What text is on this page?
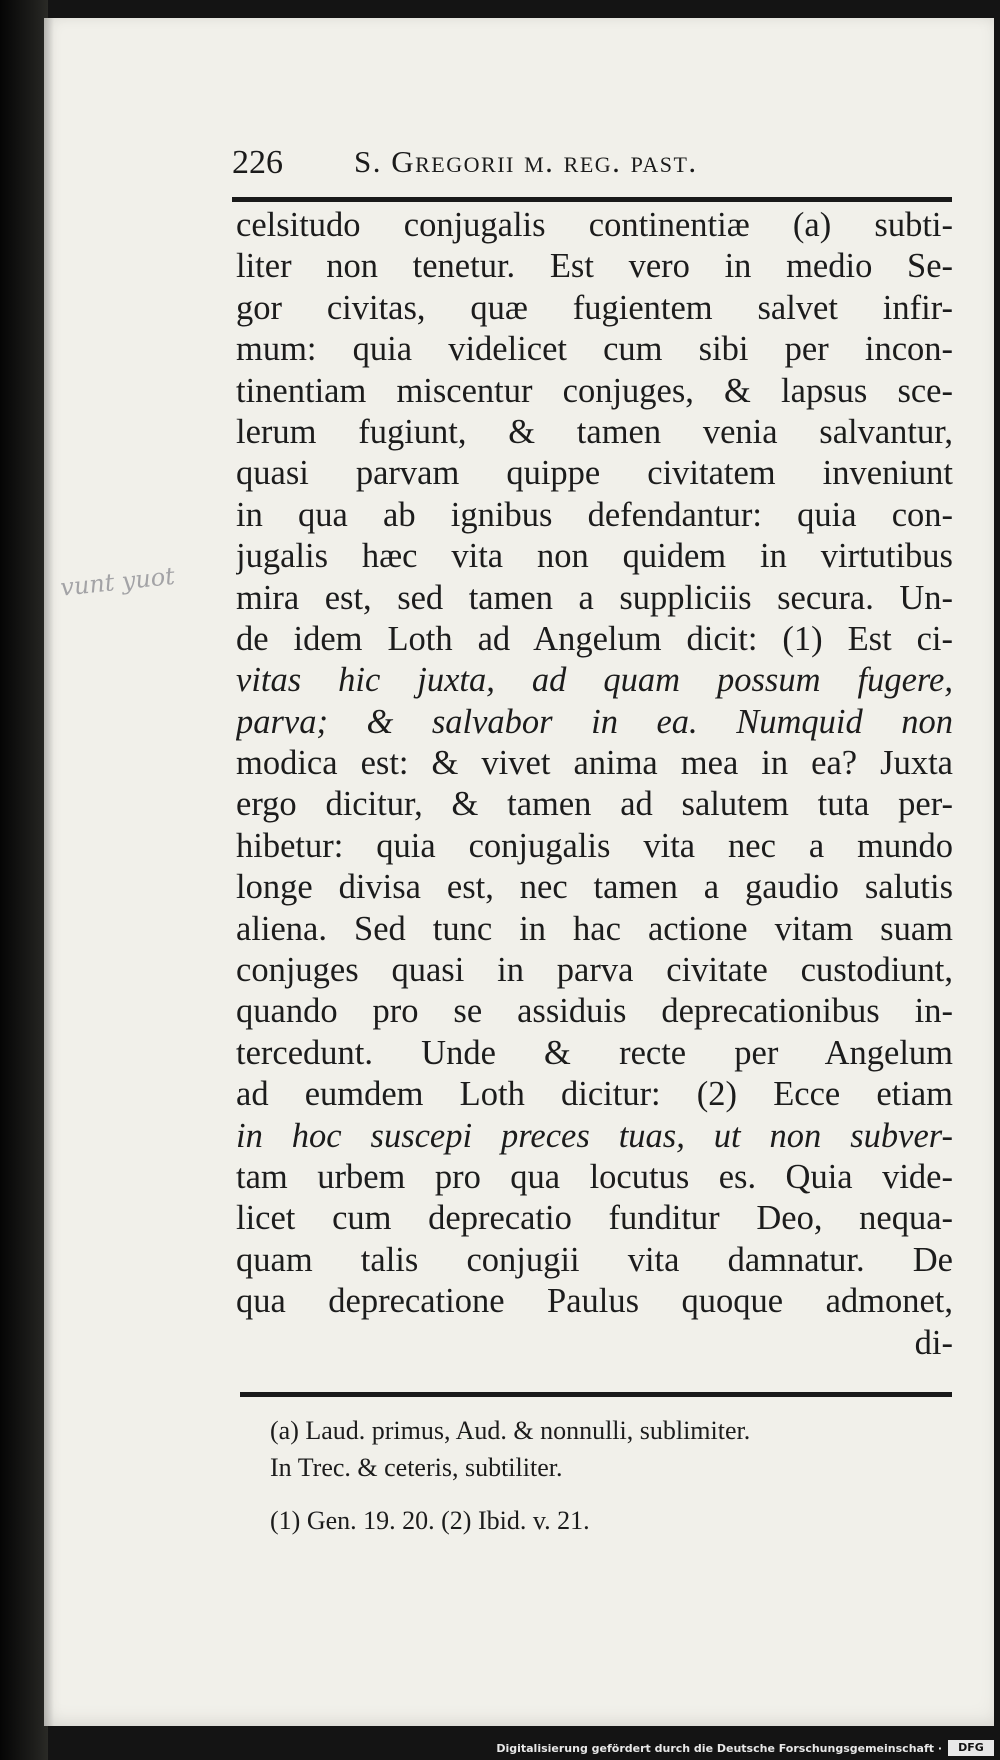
226 S. Gregorii m. reg. past.
vunt yuot
celsitudo conjugalis continentiæ (a) subti-
liter non tenetur. Est vero in medio Se-
gor civitas, quæ fugientem salvet infir-
mum: quia videlicet cum sibi per incon-
tinentiam miscentur conjuges, & lapsus sce-
lerum fugiunt, & tamen venia salvantur,
quasi parvam quippe civitatem inveniunt
in qua ab ignibus defendantur: quia con-
jugalis hæc vita non quidem in virtutibus
mira est, sed tamen a suppliciis secura. Un-
de idem Loth ad Angelum dicit: (1) Est ci-
vitas hic juxta, ad quam possum fugere,
parva; & salvabor in ea. Numquid non
modica est: & vivet anima mea in ea? Juxta
ergo dicitur, & tamen ad salutem tuta per-
hibetur: quia conjugalis vita nec a mundo
longe divisa est, nec tamen a gaudio salutis
aliena. Sed tunc in hac actione vitam suam
conjuges quasi in parva civitate custodiunt,
quando pro se assiduis deprecationibus in-
tercedunt. Unde & recte per Angelum
ad eumdem Loth dicitur: (2) Ecce etiam
in hoc suscepi preces tuas, ut non subver-
tam urbem pro qua locutus es. Quia vide-
licet cum deprecatio funditur Deo, nequa-
quam talis conjugii vita damnatur. De
qua deprecatione Paulus quoque admonet,
di-
(a) Laud. primus, Aud. & nonnulli, sublimiter.
In Trec. & ceteris, subtiliter.
(1) Gen. 19. 20. (2) Ibid. v. 21.
Digitalisierung gefördert durch die Deutsche Forschungsgemeinschaft ·	DFG
